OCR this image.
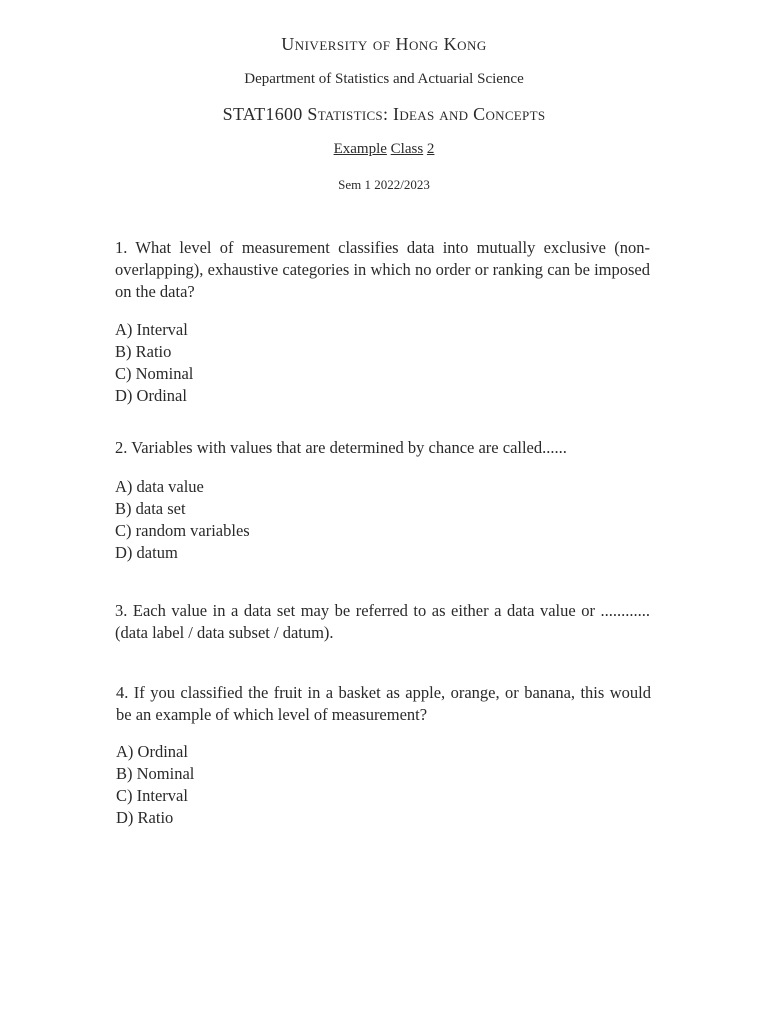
University of Hong Kong
Department of Statistics and Actuarial Science
STAT1600 Statistics: Ideas and Concepts
Example Class 2
Sem 1 2022/2023
1. What level of measurement classifies data into mutually exclusive (non-overlapping), exhaustive categories in which no order or ranking can be imposed on the data?
A) Interval
B) Ratio
C) Nominal
D) Ordinal
2. Variables with values that are determined by chance are called......
A) data value
B) data set
C) random variables
D) datum
3. Each value in a data set may be referred to as either a data value or ............ (data label / data subset / datum).
4. If you classified the fruit in a basket as apple, orange, or banana, this would be an example of which level of measurement?
A) Ordinal
B) Nominal
C) Interval
D) Ratio
